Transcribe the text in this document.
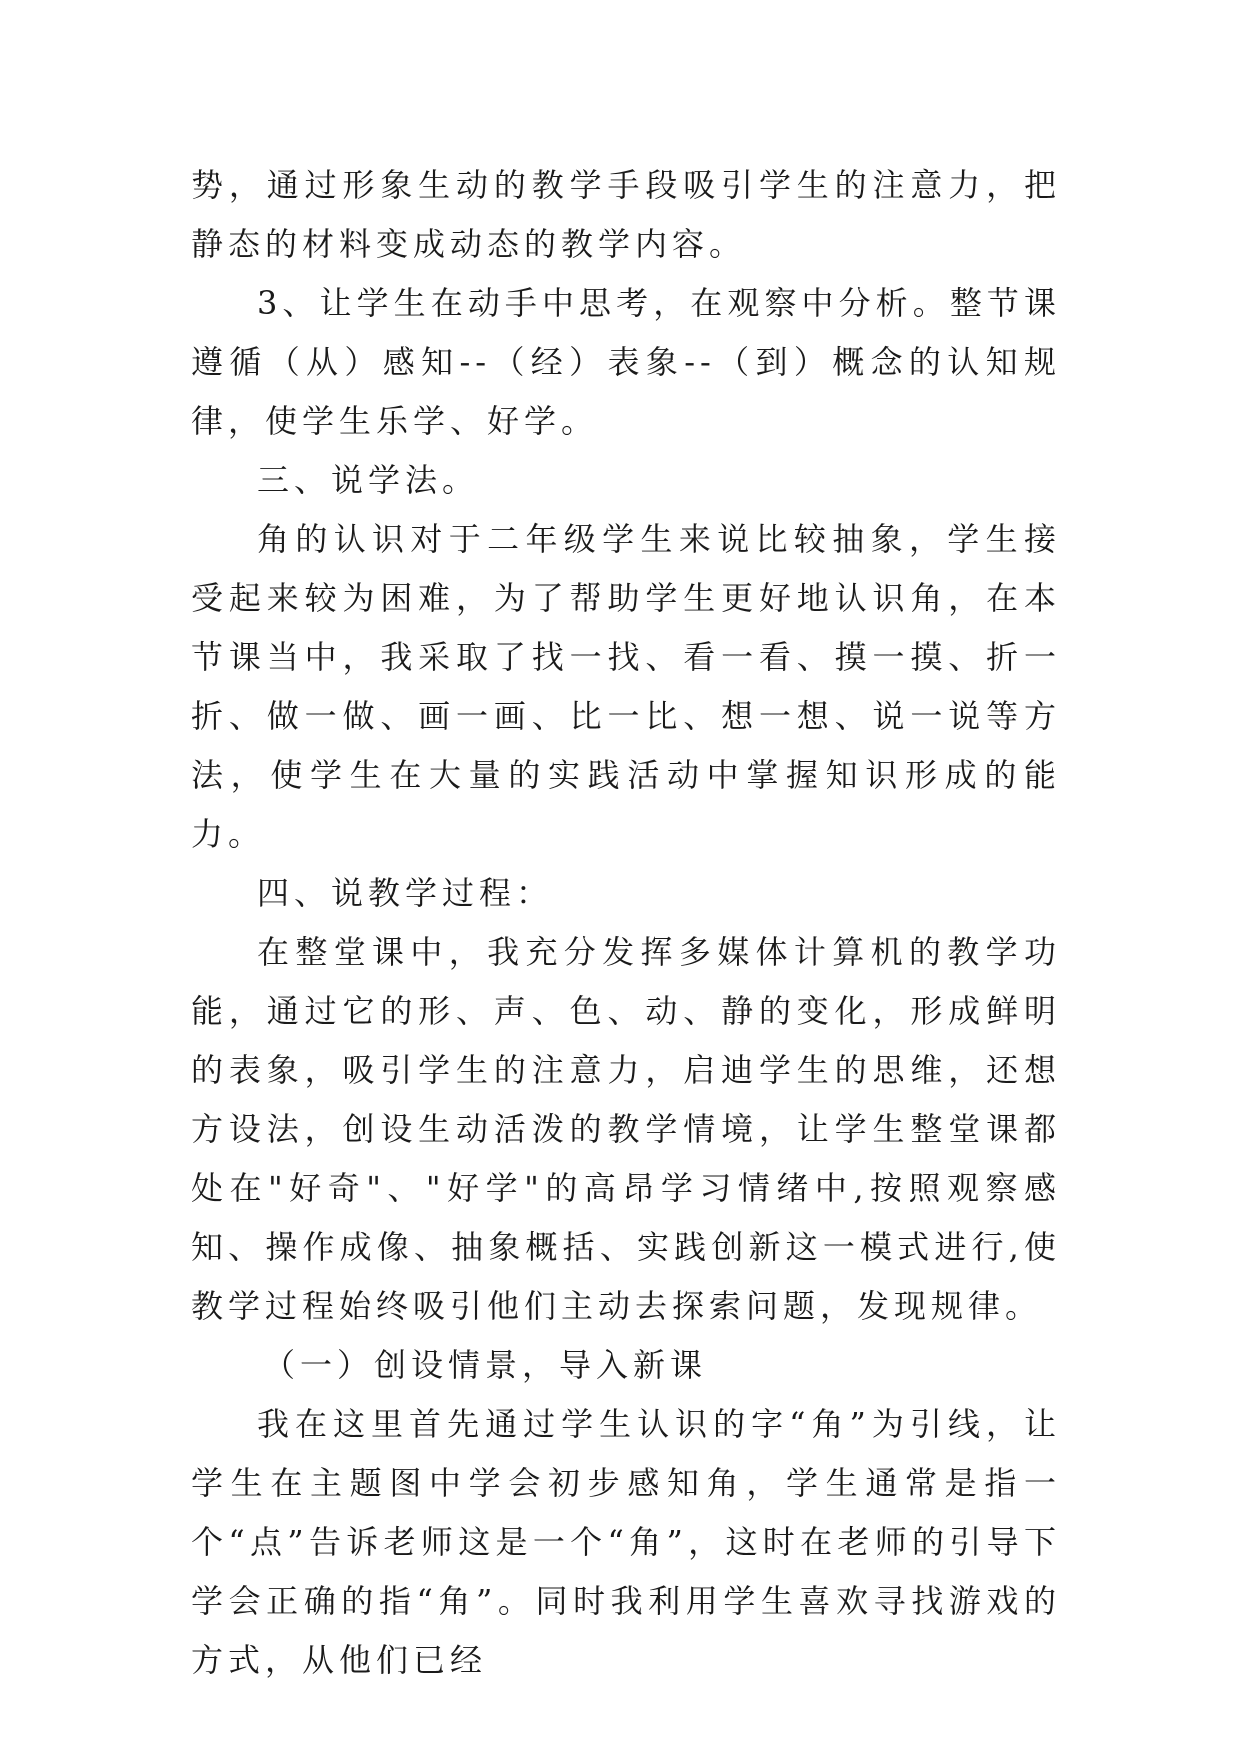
势，通过形象生动的教学手段吸引学生的注意力，把静态的材料变成动态的教学内容。

3、让学生在动手中思考，在观察中分析。整节课遵循（从）感知--（经）表象--（到）概念的认知规律，使学生乐学、好学。

三、说学法。

角的认识对于二年级学生来说比较抽象，学生接受起来较为困难，为了帮助学生更好地认识角，在本节课当中，我采取了找一找、看一看、摸一摸、折一折、做一做、画一画、比一比、想一想、说一说等方法，使学生在大量的实践活动中掌握知识形成的能力。

四、说教学过程：

在整堂课中，我充分发挥多媒体计算机的教学功能，通过它的形、声、色、动、静的变化，形成鲜明的表象，吸引学生的注意力，启迪学生的思维，还想方设法，创设生动活泼的教学情境，让学生整堂课都处在"好奇"、"好学"的高昂学习情绪中,按照观察感知、操作成像、抽象概括、实践创新这一模式进行,使教学过程始终吸引他们主动去探索问题，发现规律。

（一）创设情景，导入新课

我在这里首先通过学生认识的字“角”为引线，让学生在主题图中学会初步感知角，学生通常是指一个“点”告诉老师这是一个“角”，这时在老师的引导下学会正确的指“角”。同时我利用学生喜欢寻找游戏的方式，从他们已经
